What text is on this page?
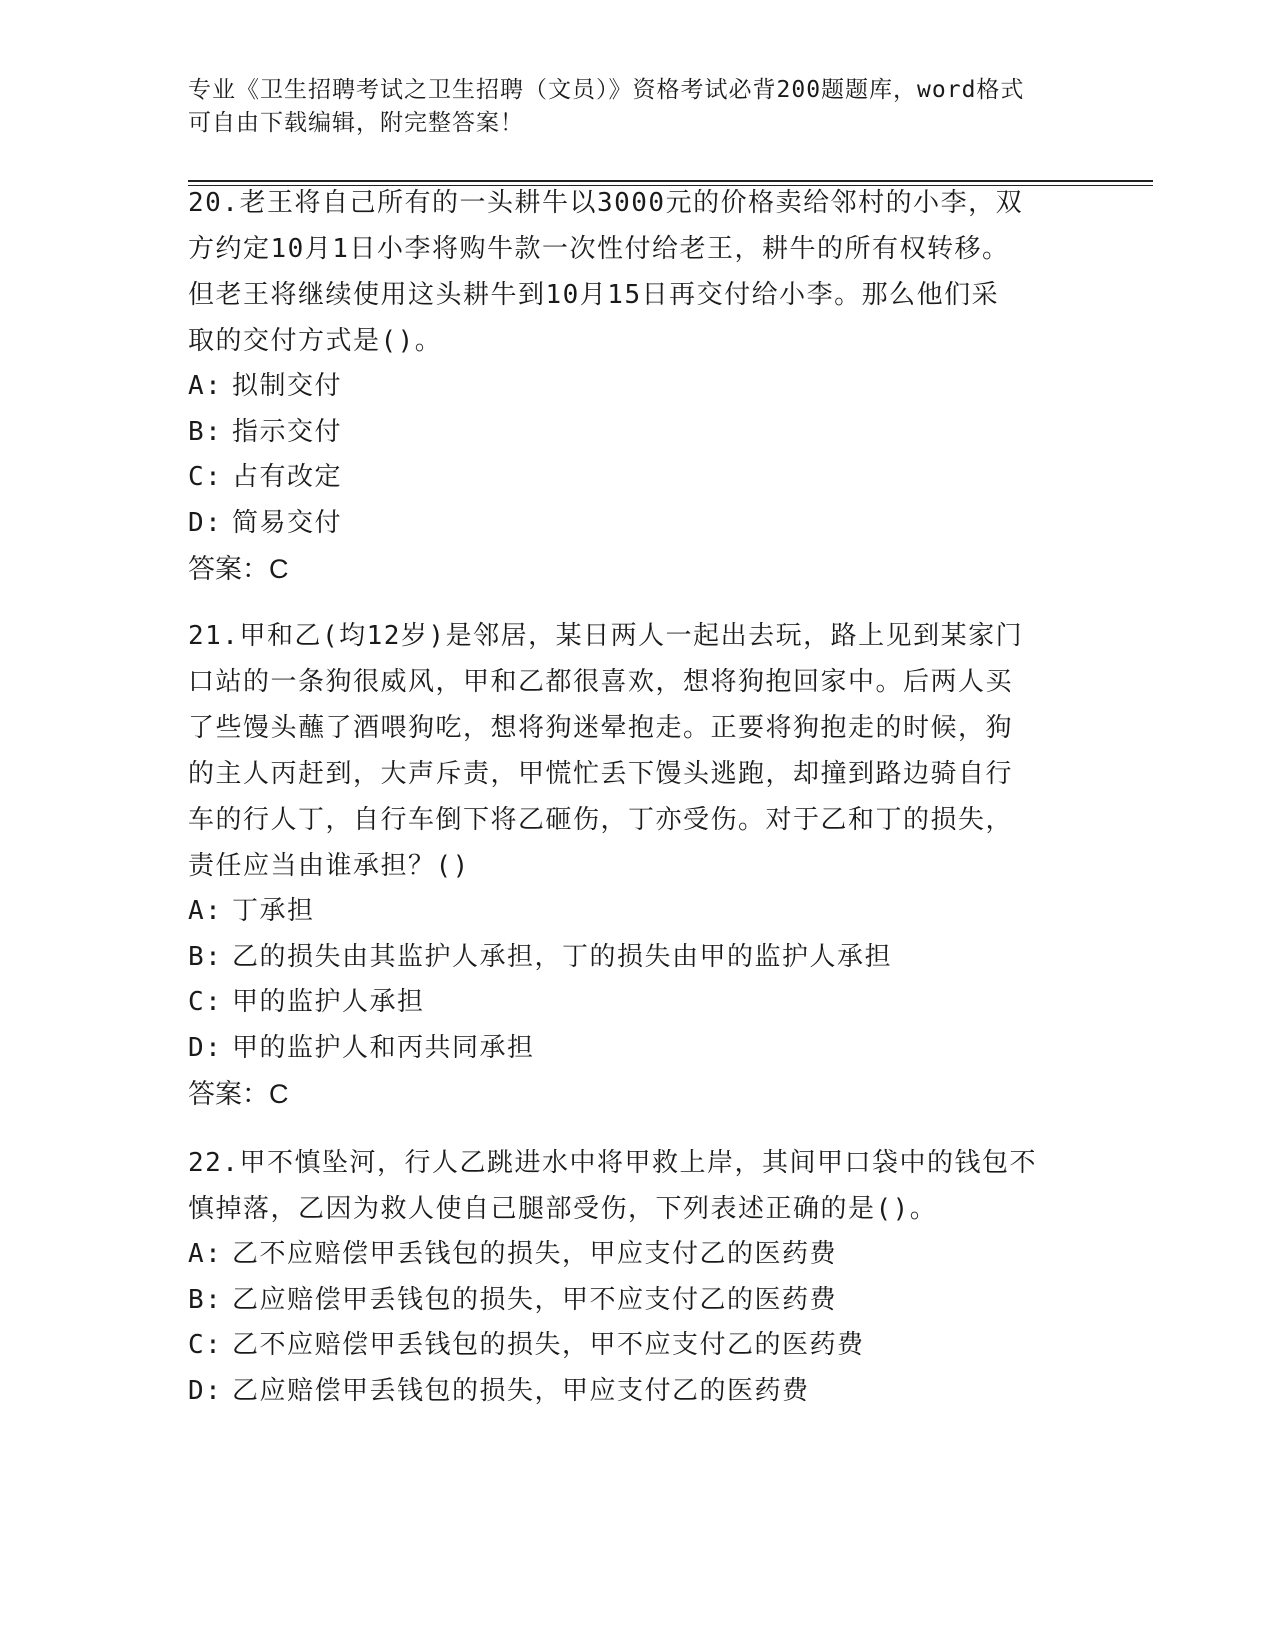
专业《卫生招聘考试之卫生招聘（文员）》资格考试必背200题题库，word格式
可自由下载编辑，附完整答案！

20.老王将自己所有的一头耕牛以3000元的价格卖给邻村的小李，双

方约定10月1日小李将购牛款一次性付给老王，耕牛的所有权转移。

但老王将继续使用这头耕牛到10月15日再交付给小李。那么他们采

取的交付方式是()。

A: 拟制交付

B: 指示交付

C: 占有改定

D: 简易交付

答案：C

21.甲和乙(均12岁)是邻居，某日两人一起出去玩，路上见到某家门

口站的一条狗很威风，甲和乙都很喜欢，想将狗抱回家中。后两人买

了些馒头蘸了酒喂狗吃，想将狗迷晕抱走。正要将狗抱走的时候，狗

的主人丙赶到，大声斥责，甲慌忙丢下馒头逃跑，却撞到路边骑自行

车的行人丁，自行车倒下将乙砸伤，丁亦受伤。对于乙和丁的损失，

责任应当由谁承担？()

A: 丁承担

B: 乙的损失由其监护人承担，丁的损失由甲的监护人承担

C: 甲的监护人承担

D: 甲的监护人和丙共同承担

答案：C

22.甲不慎坠河，行人乙跳进水中将甲救上岸，其间甲口袋中的钱包不

慎掉落，乙因为救人使自己腿部受伤，下列表述正确的是()。

A: 乙不应赔偿甲丢钱包的损失，甲应支付乙的医药费

B: 乙应赔偿甲丢钱包的损失，甲不应支付乙的医药费

C: 乙不应赔偿甲丢钱包的损失，甲不应支付乙的医药费

D: 乙应赔偿甲丢钱包的损失，甲应支付乙的医药费
